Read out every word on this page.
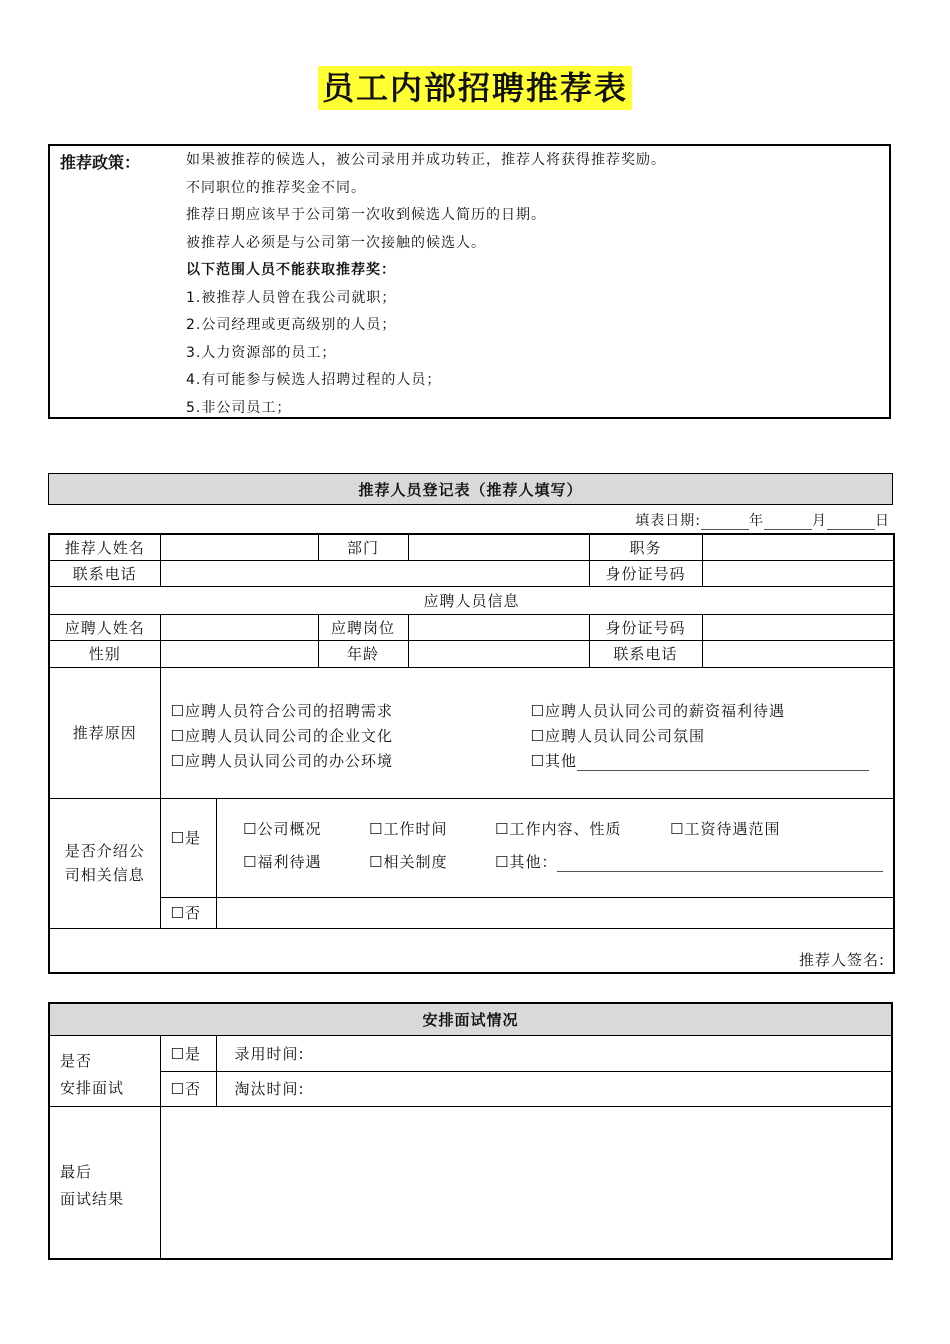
员工内部招聘推荐表
推荐政策：	如果被推荐的候选人，被公司录用并成功转正，推荐人将获得推荐奖励。
不同职位的推荐奖金不同。
推荐日期应该早于公司第一次收到候选人简历的日期。
被推荐人必须是与公司第一次接触的候选人。
以下范围人员不能获取推荐奖：
1.被推荐人员曾在我公司就职；
2.公司经理或更高级别的人员；
3.人力资源部的员工；
4.有可能参与候选人招聘过程的人员；
5.非公司员工；
推荐人员登记表（推荐人填写）
填表日期:	年	月	日
推荐人姓名		部门		职务	
联系电话		身份证号码	
应聘人员信息
应聘人姓名		应聘岗位		身份证号码	
性别		年龄		联系电话	
推荐原因	
☐应聘人员符合公司的招聘需求	☐应聘人员认同公司的薪资福利待遇
☐应聘人员认同公司的企业文化	☐应聘人员认同公司氛围
☐应聘人员认同公司的办公环境	☐其他

是否介绍公
司相关信息

☐是	☐公司概况	☐工作时间	☐工作内容、性质	☐工资待遇范围
☐福利待遇	☐相关制度	☐其他：

☐否	

推荐人签名:
安排面试情况		

是否
安排面试	☐是	录用时间:
	☐否	淘汰时间:

最后
面试结果		
